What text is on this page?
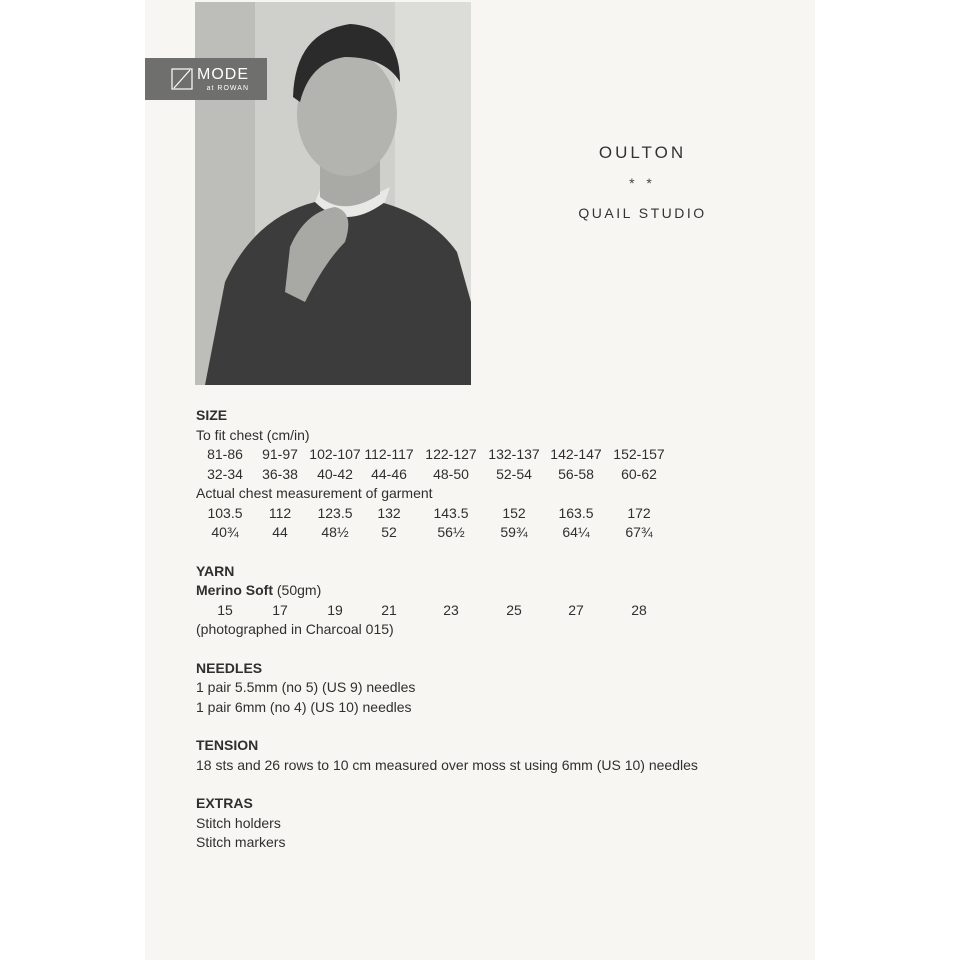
MODE
at ROWAN
OULTON
* *
QUAIL STUDIO
SIZE
To fit chest (cm/in)
81-86	91-97 102-107 112-117 122-127 132-137 142-147 152-157
32-34	36-38	40-42	44-46	48-50	52-54	56-58	60-62
Actual chest measurement of garment
103.5	112	123.5	132	143.5	152	163.5	172
40¾	44	48½	52	56½	59¾	64¼	67¾
YARN
Merino Soft (50gm)
15	17	19	21	23	25	27	28
(photographed in Charcoal 015)
NEEDLES
1 pair 5.5mm (no 5) (US 9) needles
1 pair 6mm (no 4) (US 10) needles
TENSION
18 sts and 26 rows to 10 cm measured over moss st using 6mm (US 10) needles
EXTRAS
Stitch holders
Stitch markers
